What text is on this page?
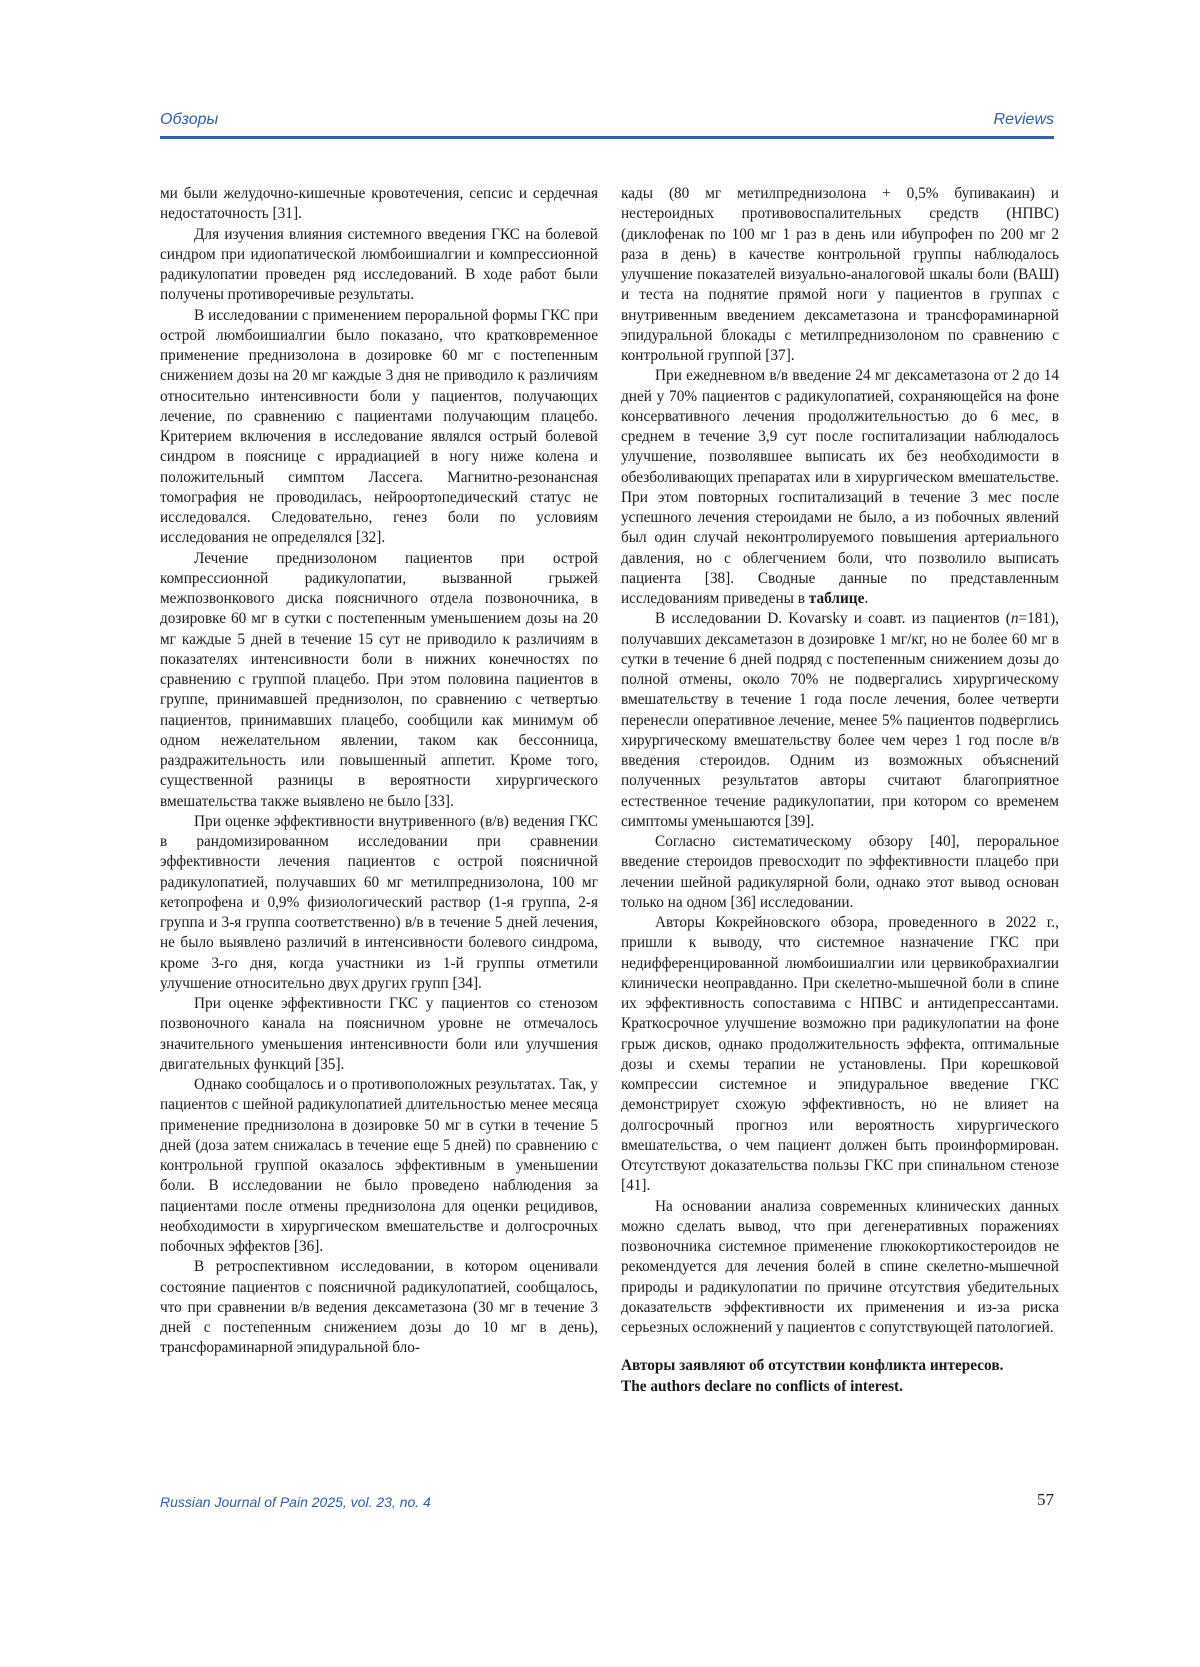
Обзоры	Reviews

ми были желудочно-кишечные кровотечения, сепсис и сердечная недостаточность [31].

Для изучения влияния системного введения ГКС на болевой синдром при идиопатической люмбоишиалгии и компрессионной радикулопатии проведен ряд исследований. В ходе работ были получены противоречивые результаты.

В исследовании с применением пероральной формы ГКС при острой люмбоишиалгии было показано, что кратковременное применение преднизолона в дозировке 60 мг с постепенным снижением дозы на 20 мг каждые 3 дня не приводило к различиям относительно интенсивности боли у пациентов, получающих лечение, по сравнению с пациентами получающим плацебо. Критерием включения в исследование являлся острый болевой синдром в пояснице с иррадиацией в ногу ниже колена и положительный симптом Лассега. Магнитно-резонансная томография не проводилась, нейроортопедический статус не исследовался. Следовательно, генез боли по условиям исследования не определялся [32].

Лечение преднизолоном пациентов при острой компрессионной радикулопатии, вызванной грыжей межпозвонкового диска поясничного отдела позвоночника, в дозировке 60 мг в сутки с постепенным уменьшением дозы на 20 мг каждые 5 дней в течение 15 сут не приводило к различиям в показателях интенсивности боли в нижних конечностях по сравнению с группой плацебо. При этом половина пациентов в группе, принимавшей преднизолон, по сравнению с четвертью пациентов, принимавших плацебо, сообщили как минимум об одном нежелательном явлении, таком как бессонница, раздражительность или повышенный аппетит. Кроме того, существенной разницы в вероятности хирургического вмешательства также выявлено не было [33].

При оценке эффективности внутривенного (в/в) ведения ГКС в рандомизированном исследовании при сравнении эффективности лечения пациентов с острой поясничной радикулопатией, получавших 60 мг метилпреднизолона, 100 мг кетопрофена и 0,9% физиологический раствор (1-я группа, 2-я группа и 3-я группа соответственно) в/в в течение 5 дней лечения, не было выявлено различий в интенсивности болевого синдрома, кроме 3-го дня, когда участники из 1-й группы отметили улучшение относительно двух других групп [34].

При оценке эффективности ГКС у пациентов со стенозом позвоночного канала на поясничном уровне не отмечалось значительного уменьшения интенсивности боли или улучшения двигательных функций [35].

Однако сообщалось и о противоположных результатах. Так, у пациентов с шейной радикулопатией длительностью менее месяца применение преднизолона в дозировке 50 мг в сутки в течение 5 дней (доза затем снижалась в течение еще 5 дней) по сравнению с контрольной группой оказалось эффективным в уменьшении боли. В исследовании не было проведено наблюдения за пациентами после отмены преднизолона для оценки рецидивов, необходимости в хирургическом вмешательстве и долгосрочных побочных эффектов [36].

В ретроспективном исследовании, в котором оценивали состояние пациентов с поясничной радикулопатией, сообщалось, что при сравнении в/в ведения дексаметазона (30 мг в течение 3 дней с постепенным снижением дозы до 10 мг в день), трансфораминарной эпидуральной бло-

кады (80 мг метилпреднизолона + 0,5% бупивакаин) и нестероидных противовоспалительных средств (НПВС) (диклофенак по 100 мг 1 раз в день или ибупрофен по 200 мг 2 раза в день) в качестве контрольной группы наблюдалось улучшение показателей визуально-аналоговой шкалы боли (ВАШ) и теста на поднятие прямой ноги у пациентов в группах с внутривенным введением дексаметазона и трансфораминарной эпидуральной блокады с метилпреднизолоном по сравнению с контрольной группой [37].

При ежедневном в/в введение 24 мг дексаметазона от 2 до 14 дней у 70% пациентов с радикулопатией, сохраняющейся на фоне консервативного лечения продолжительностью до 6 мес, в среднем в течение 3,9 сут после госпитализации наблюдалось улучшение, позволявшее выписать их без необходимости в обезболивающих препаратах или в хирургическом вмешательстве. При этом повторных госпитализаций в течение 3 мес после успешного лечения стероидами не было, а из побочных явлений был один случай неконтролируемого повышения артериального давления, но с облегчением боли, что позволило выписать пациента [38]. Сводные данные по представленным исследованиям приведены в таблице.

В исследовании D. Kovarsky и соавт. из пациентов (n=181), получавших дексаметазон в дозировке 1 мг/кг, но не более 60 мг в сутки в течение 6 дней подряд с постепенным снижением дозы до полной отмены, около 70% не подвергались хирургическому вмешательству в течение 1 года после лечения, более четверти перенесли оперативное лечение, менее 5% пациентов подверглись хирургическому вмешательству более чем через 1 год после в/в введения стероидов. Одним из возможных объяснений полученных результатов авторы считают благоприятное естественное течение радикулопатии, при котором со временем симптомы уменьшаются [39].

Согласно систематическому обзору [40], пероральное введение стероидов превосходит по эффективности плацебо при лечении шейной радикулярной боли, однако этот вывод основан только на одном [36] исследовании.

Авторы Кокрейновского обзора, проведенного в 2022 г., пришли к выводу, что системное назначение ГКС при недифференцированной люмбоишиалгии или цервикобрахиалгии клинически неоправданно. При скелетно-мышечной боли в спине их эффективность сопоставима с НПВС и антидепрессантами. Краткосрочное улучшение возможно при радикулопатии на фоне грыж дисков, однако продолжительность эффекта, оптимальные дозы и схемы терапии не установлены. При корешковой компрессии системное и эпидуральное введение ГКС демонстрирует схожую эффективность, но не влияет на долгосрочный прогноз или вероятность хирургического вмешательства, о чем пациент должен быть проинформирован. Отсутствуют доказательства пользы ГКС при спинальном стенозе [41].

На основании анализа современных клинических данных можно сделать вывод, что при дегенеративных поражениях позвоночника системное применение глюкокортикостероидов не рекомендуется для лечения болей в спине скелетно-мышечной природы и радикулопатии по причине отсутствия убедительных доказательств эффективности их применения и из-за риска серьезных осложнений у пациентов с сопутствующей патологией.

Авторы заявляют об отсутствии конфликта интересов.
The authors declare no conflicts of interest.

Russian Journal of Pain 2025, vol. 23, no. 4	57
